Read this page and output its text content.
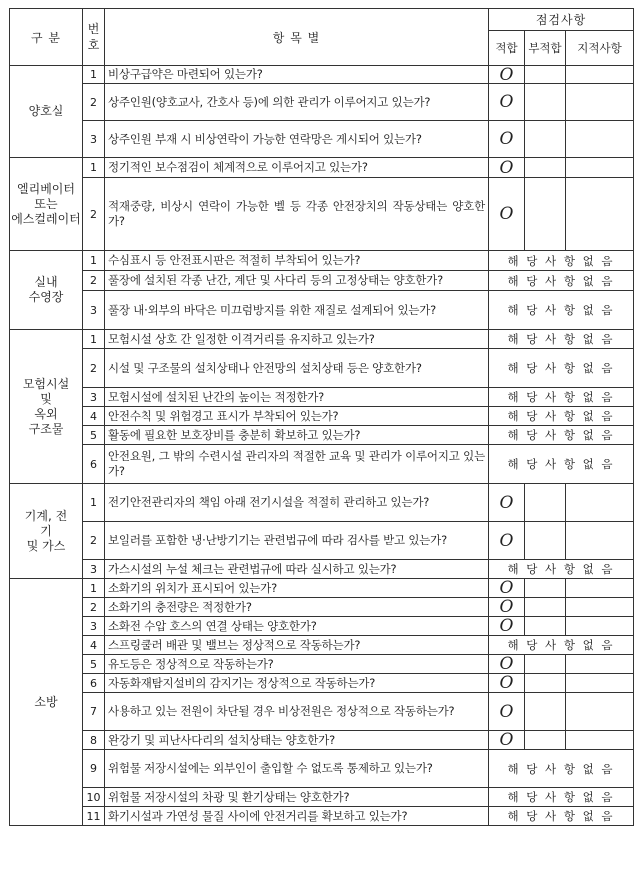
구 분	번
호	항 목 별	점검사항		
			적합	부적합	지적사항
양호실	1	비상구급약은 마련되어 있는가?	O		
	2	상주인원(양호교사, 간호사 등)에 의한 관리가 이루어지고 있는가?	O		
	3	상주인원 부재 시 비상연락이 가능한 연락망은 게시되어 있는가?	O		
엘리베이터
또는
에스컬레이터	1	정기적인 보수점검이 체계적으로 이루어지고 있는가?	O		
	2	적재중량, 비상시 연락이 가능한 벨 등 각종 안전장치의 작동상태는 양호한가?	O		
실내
수영장	1	수심표시 등 안전표시판은 적절히 부착되어 있는가?	해 당 사 항 없 음		
	2	풀장에 설치된 각종 난간, 계단 및 사다리 등의 고정상태는 양호한가?	해 당 사 항 없 음		
	3	풀장 내·외부의 바닥은 미끄럼방지를 위한 재질로 설계되어 있는가?	해 당 사 항 없 음		
모험시설
및
옥외
구조물	1	모험시설 상호 간 일정한 이격거리를 유지하고 있는가?	해 당 사 항 없 음		
	2	시설 및 구조물의 설치상태나 안전망의 설치상태 등은 양호한가?	해 당 사 항 없 음		
	3	모험시설에 설치된 난간의 높이는 적정한가?	해 당 사 항 없 음		
	4	안전수칙 및 위험경고 표시가 부착되어 있는가?	해 당 사 항 없 음		
	5	활동에 필요한 보호장비를 충분히 확보하고 있는가?	해 당 사 항 없 음		
	6	안전요원, 그 밖의 수련시설 관리자의 적절한 교육 및 관리가 이루어지고 있는가?	해 당 사 항 없 음		
기계, 전
기
및 가스	1	전기안전관리자의 책임 아래 전기시설을 적절히 관리하고 있는가?	O		
	2	보일러를 포함한 냉·난방기기는 관련법규에 따라 검사를 받고 있는가?	O		
	3	가스시설의 누설 체크는 관련법규에 따라 실시하고 있는가?	해 당 사 항 없 음		
소방	1	소화기의 위치가 표시되어 있는가?	O		
	2	소화기의 충전량은 적정한가?	O		
	3	소화전 수압 호스의 연결 상태는 양호한가?	O		
	4	스프링쿨러 배관 및 밸브는 정상적으로 작동하는가?	해 당 사 항 없 음		
	5	유도등은 정상적으로 작동하는가?	O		
	6	자동화재탐지설비의 감지기는 정상적으로 작동하는가?	O		
	7	사용하고 있는 전원이 차단될 경우 비상전원은 정상적으로 작동하는가?	O		
	8	완강기 및 피난사다리의 설치상태는 양호한가?	O		
	9	위험물 저장시설에는 외부인이 출입할 수 없도록 통제하고 있는가?	해 당 사 항 없 음		
	10	위험물 저장시설의 차광 및 환기상태는 양호한가?	해 당 사 항 없 음		
	11	화기시설과 가연성 물질 사이에 안전거리를 확보하고 있는가?	해 당 사 항 없 음		
